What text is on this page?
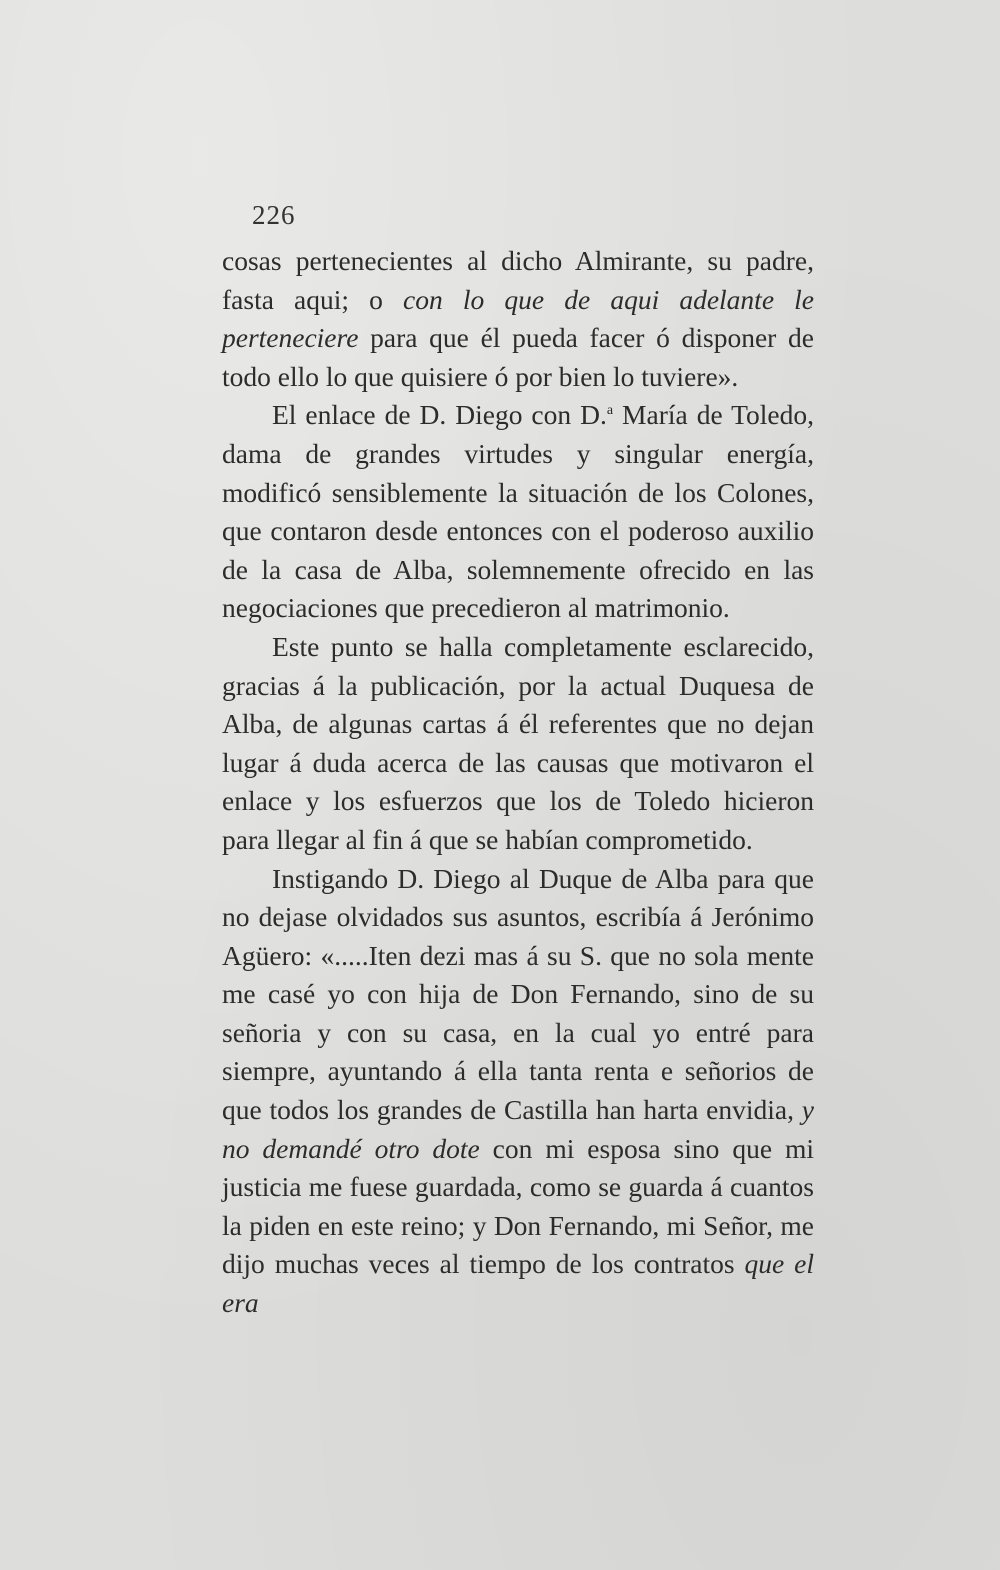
226

cosas pertenecientes al dicho Almirante, su padre, fasta aqui; o con lo que de aqui adelante le perteneciere para que él pueda facer ó disponer de todo ello lo que quisiere ó por bien lo tuviere».

El enlace de D. Diego con D.$^a$ María de Toledo, dama de grandes virtudes y singular energía, modificó sensiblemente la situación de los Colones, que contaron desde entonces con el poderoso auxilio de la casa de Alba, solemnemente ofrecido en las negociaciones que precedieron al matrimonio.

Este punto se halla completamente esclarecido, gracias á la publicación, por la actual Duquesa de Alba, de algunas cartas á él referentes que no dejan lugar á duda acerca de las causas que motivaron el enlace y los esfuerzos que los de Toledo hicieron para llegar al fin á que se habían comprometido.

Instigando D. Diego al Duque de Alba para que no dejase olvidados sus asuntos, escribía á Jerónimo Agüero: «.....Iten dezi mas á su S. que no sola mente me casé yo con hija de Don Fernando, sino de su señoria y con su casa, en la cual yo entré para siempre, ayuntando á ella tanta renta e señorios de que todos los grandes de Castilla han harta envidia, y no demandé otro dote con mi esposa sino que mi justicia me fuese guardada, como se guarda á cuantos la piden en este reino; y Don Fernando, mi Señor, me dijo muchas veces al tiempo de los contratos que el era
